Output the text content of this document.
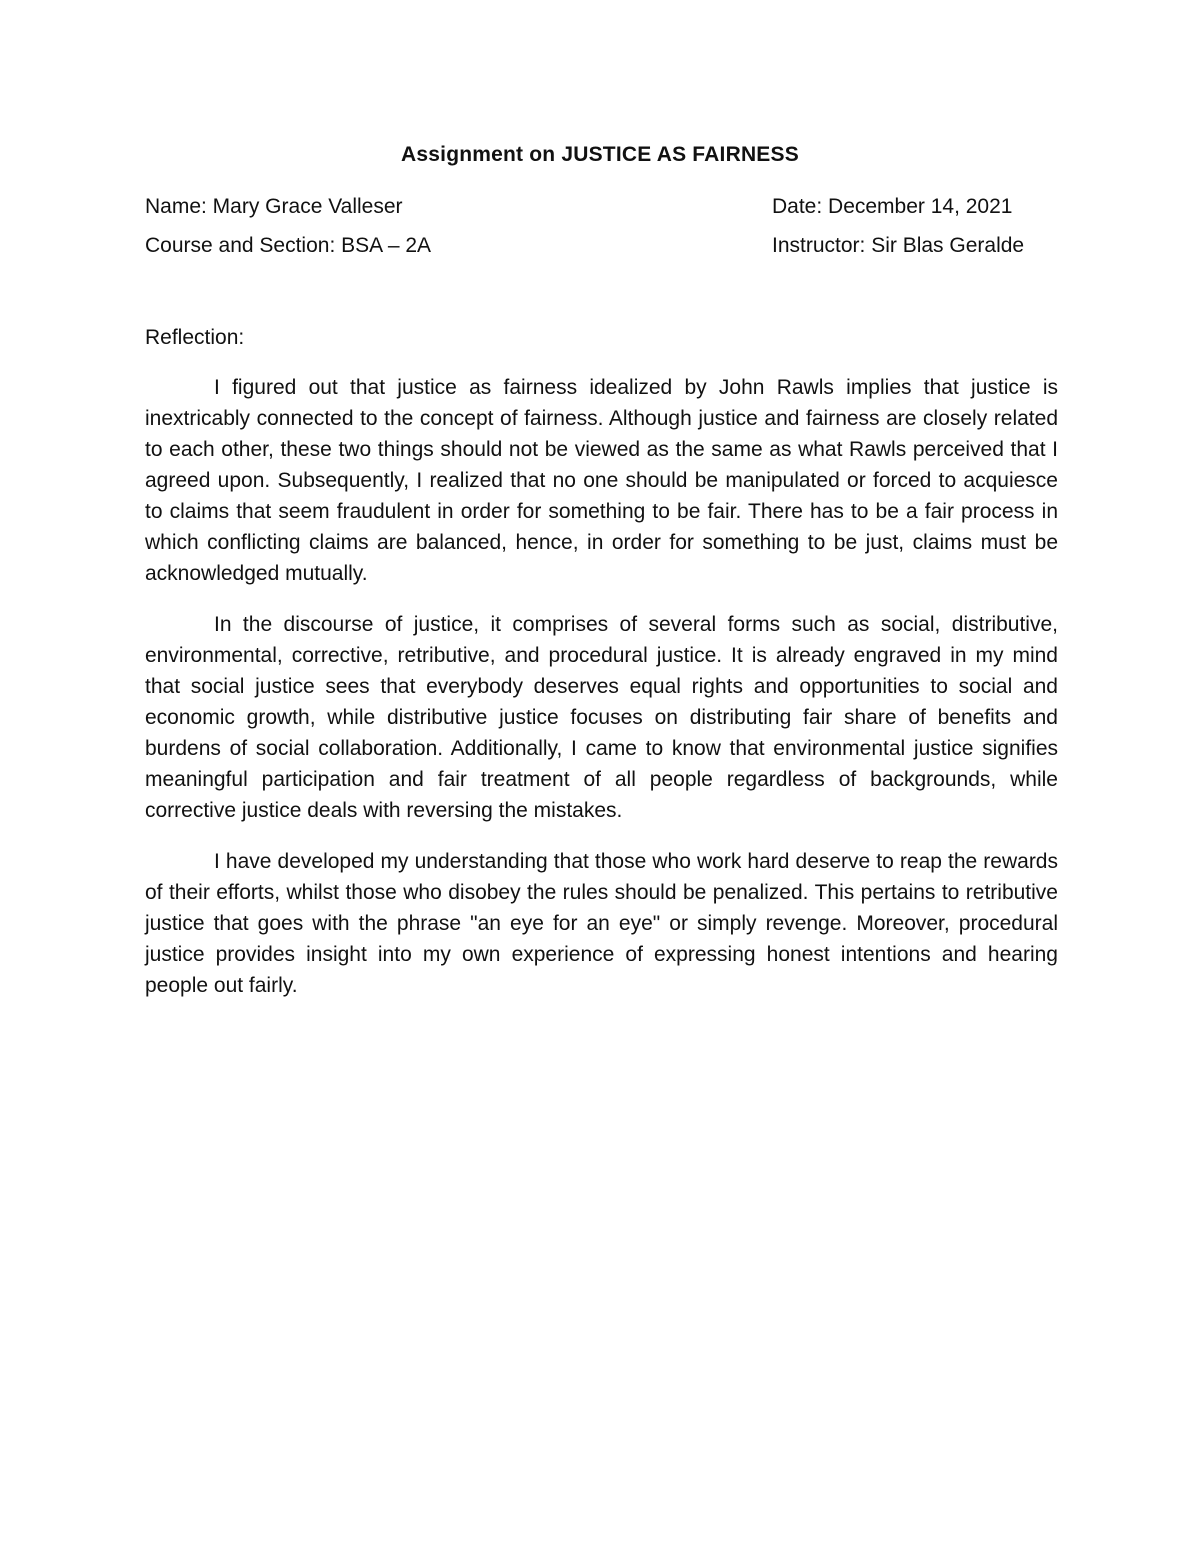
Assignment on JUSTICE AS FAIRNESS
Name: Mary Grace Valleser	Date: December 14, 2021
Course and Section: BSA – 2A	Instructor: Sir Blas Geralde
Reflection:

I figured out that justice as fairness idealized by John Rawls implies that justice is inextricably connected to the concept of fairness. Although justice and fairness are closely related to each other, these two things should not be viewed as the same as what Rawls perceived that I agreed upon. Subsequently, I realized that no one should be manipulated or forced to acquiesce to claims that seem fraudulent in order for something to be fair. There has to be a fair process in which conflicting claims are balanced, hence, in order for something to be just, claims must be acknowledged mutually.

In the discourse of justice, it comprises of several forms such as social, distributive, environmental, corrective, retributive, and procedural justice. It is already engraved in my mind that social justice sees that everybody deserves equal rights and opportunities to social and economic growth, while distributive justice focuses on distributing fair share of benefits and burdens of social collaboration. Additionally, I came to know that environmental justice signifies meaningful participation and fair treatment of all people regardless of backgrounds, while corrective justice deals with reversing the mistakes.

I have developed my understanding that those who work hard deserve to reap the rewards of their efforts, whilst those who disobey the rules should be penalized. This pertains to retributive justice that goes with the phrase "an eye for an eye" or simply revenge. Moreover, procedural justice provides insight into my own experience of expressing honest intentions and hearing people out fairly.
